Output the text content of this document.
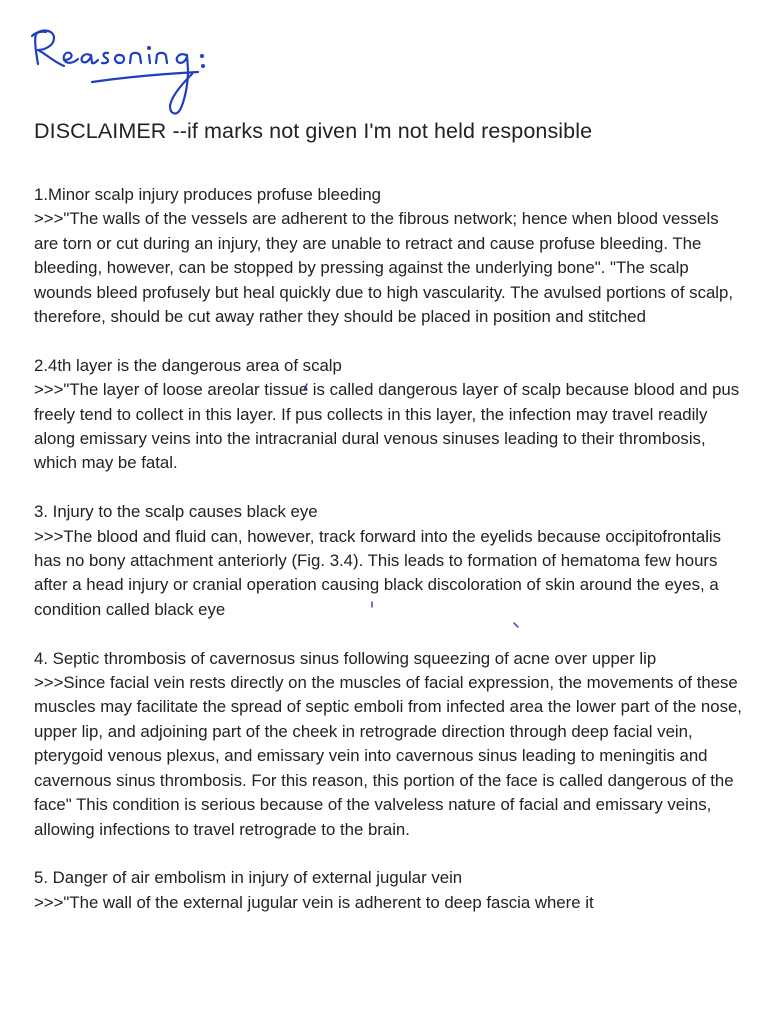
DISCLAIMER --if marks not given I'm not held responsible

1.Minor scalp injury produces profuse bleeding

>>>"The walls of the vessels are adherent to the fibrous network; hence when blood vessels are torn or cut during an injury, they are unable to retract and cause profuse bleeding. The bleeding, however, can be stopped by pressing against the underlying bone". "The scalp wounds bleed profusely but heal quickly due to high vascularity. The avulsed portions of scalp, therefore, should be cut away rather they should be placed in position and stitched

2.4th layer is the dangerous area of scalp

>>>"The layer of loose areolar tissue is called dangerous layer of scalp because blood and pus freely tend to collect in this layer. If pus collects in this layer, the infection may travel readily along emissary veins into the intracranial dural venous sinuses leading to their thrombosis, which may be fatal.

3. Injury to the scalp causes black eye

>>>The blood and fluid can, however, track forward into the eyelids because occipitofrontalis has no bony attachment anteriorly (Fig. 3.4). This leads to formation of hematoma few hours after a head injury or cranial operation causing black discoloration of skin around the eyes, a condition called black eye

4. Septic thrombosis of cavernosus sinus following squeezing of acne over upper lip

>>>Since facial vein rests directly on the muscles of facial expression, the movements of these muscles may facilitate the spread of septic emboli from infected area the lower part of the nose, upper lip, and adjoining part of the cheek in retrograde direction through deep facial vein, pterygoid venous plexus, and emissary vein into cavernous sinus leading to meningitis and cavernous sinus thrombosis. For this reason, this portion of the face is called dangerous of the face" This condition is serious because of the valveless nature of facial and emissary veins, allowing infections to travel retrograde to the brain.

5. Danger of air embolism in injury of external jugular vein

>>>"The wall of the external jugular vein is adherent to deep fascia where it
